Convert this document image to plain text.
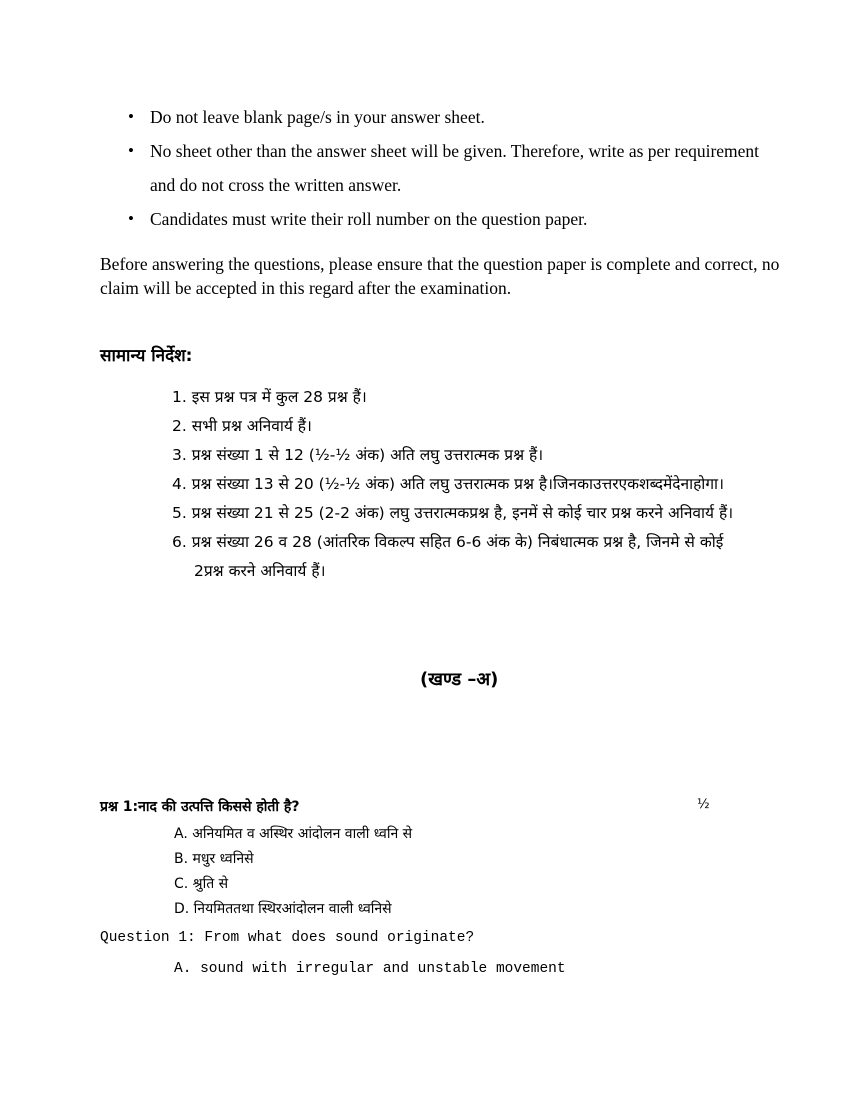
• Do not leave blank page/s in your answer sheet.
• No sheet other than the answer sheet will be given. Therefore, write as per requirement and do not cross the written answer.
• Candidates must write their roll number on the question paper.

Before answering the questions, please ensure that the question paper is complete and correct, no claim will be accepted in this regard after the examination.

सामान्य निर्देश:
1. इस प्रश्न पत्र में कुल 28 प्रश्न हैं।
2. सभी प्रश्न अनिवार्य हैं।
3. प्रश्न संख्या 1 से 12 (½-½ अंक) अति लघु उत्तरात्मक प्रश्न हैं।
4. प्रश्न संख्या 13 से 20 (½-½ अंक) अति लघु उत्तरात्मक प्रश्न है।जिनकाउत्तरएकशब्दमेंदेनाहोगा।
5. प्रश्न संख्या 21 से 25 (2-2 अंक) लघु उत्तरात्मकप्रश्न है, इनमें से कोई चार प्रश्न करने अनिवार्य हैं।
6. प्रश्न संख्या 26 व 28 (आंतरिक विकल्प सहित 6-6 अंक के) निबंधात्मक प्रश्न है, जिनमे से कोई 2प्रश्न करने अनिवार्य हैं।
(खण्ड –अ)

प्रश्न 1:नाद की उत्पत्ति किससे होती है?	½
A. अनियमित व अस्थिर आंदोलन वाली ध्वनि से
B. मधुर ध्वनिसे
C. श्रुति से
D. नियमिततथा स्थिरआंदोलन वाली ध्वनिसे

Question 1: From what does sound originate?

A. sound with irregular and unstable movement
